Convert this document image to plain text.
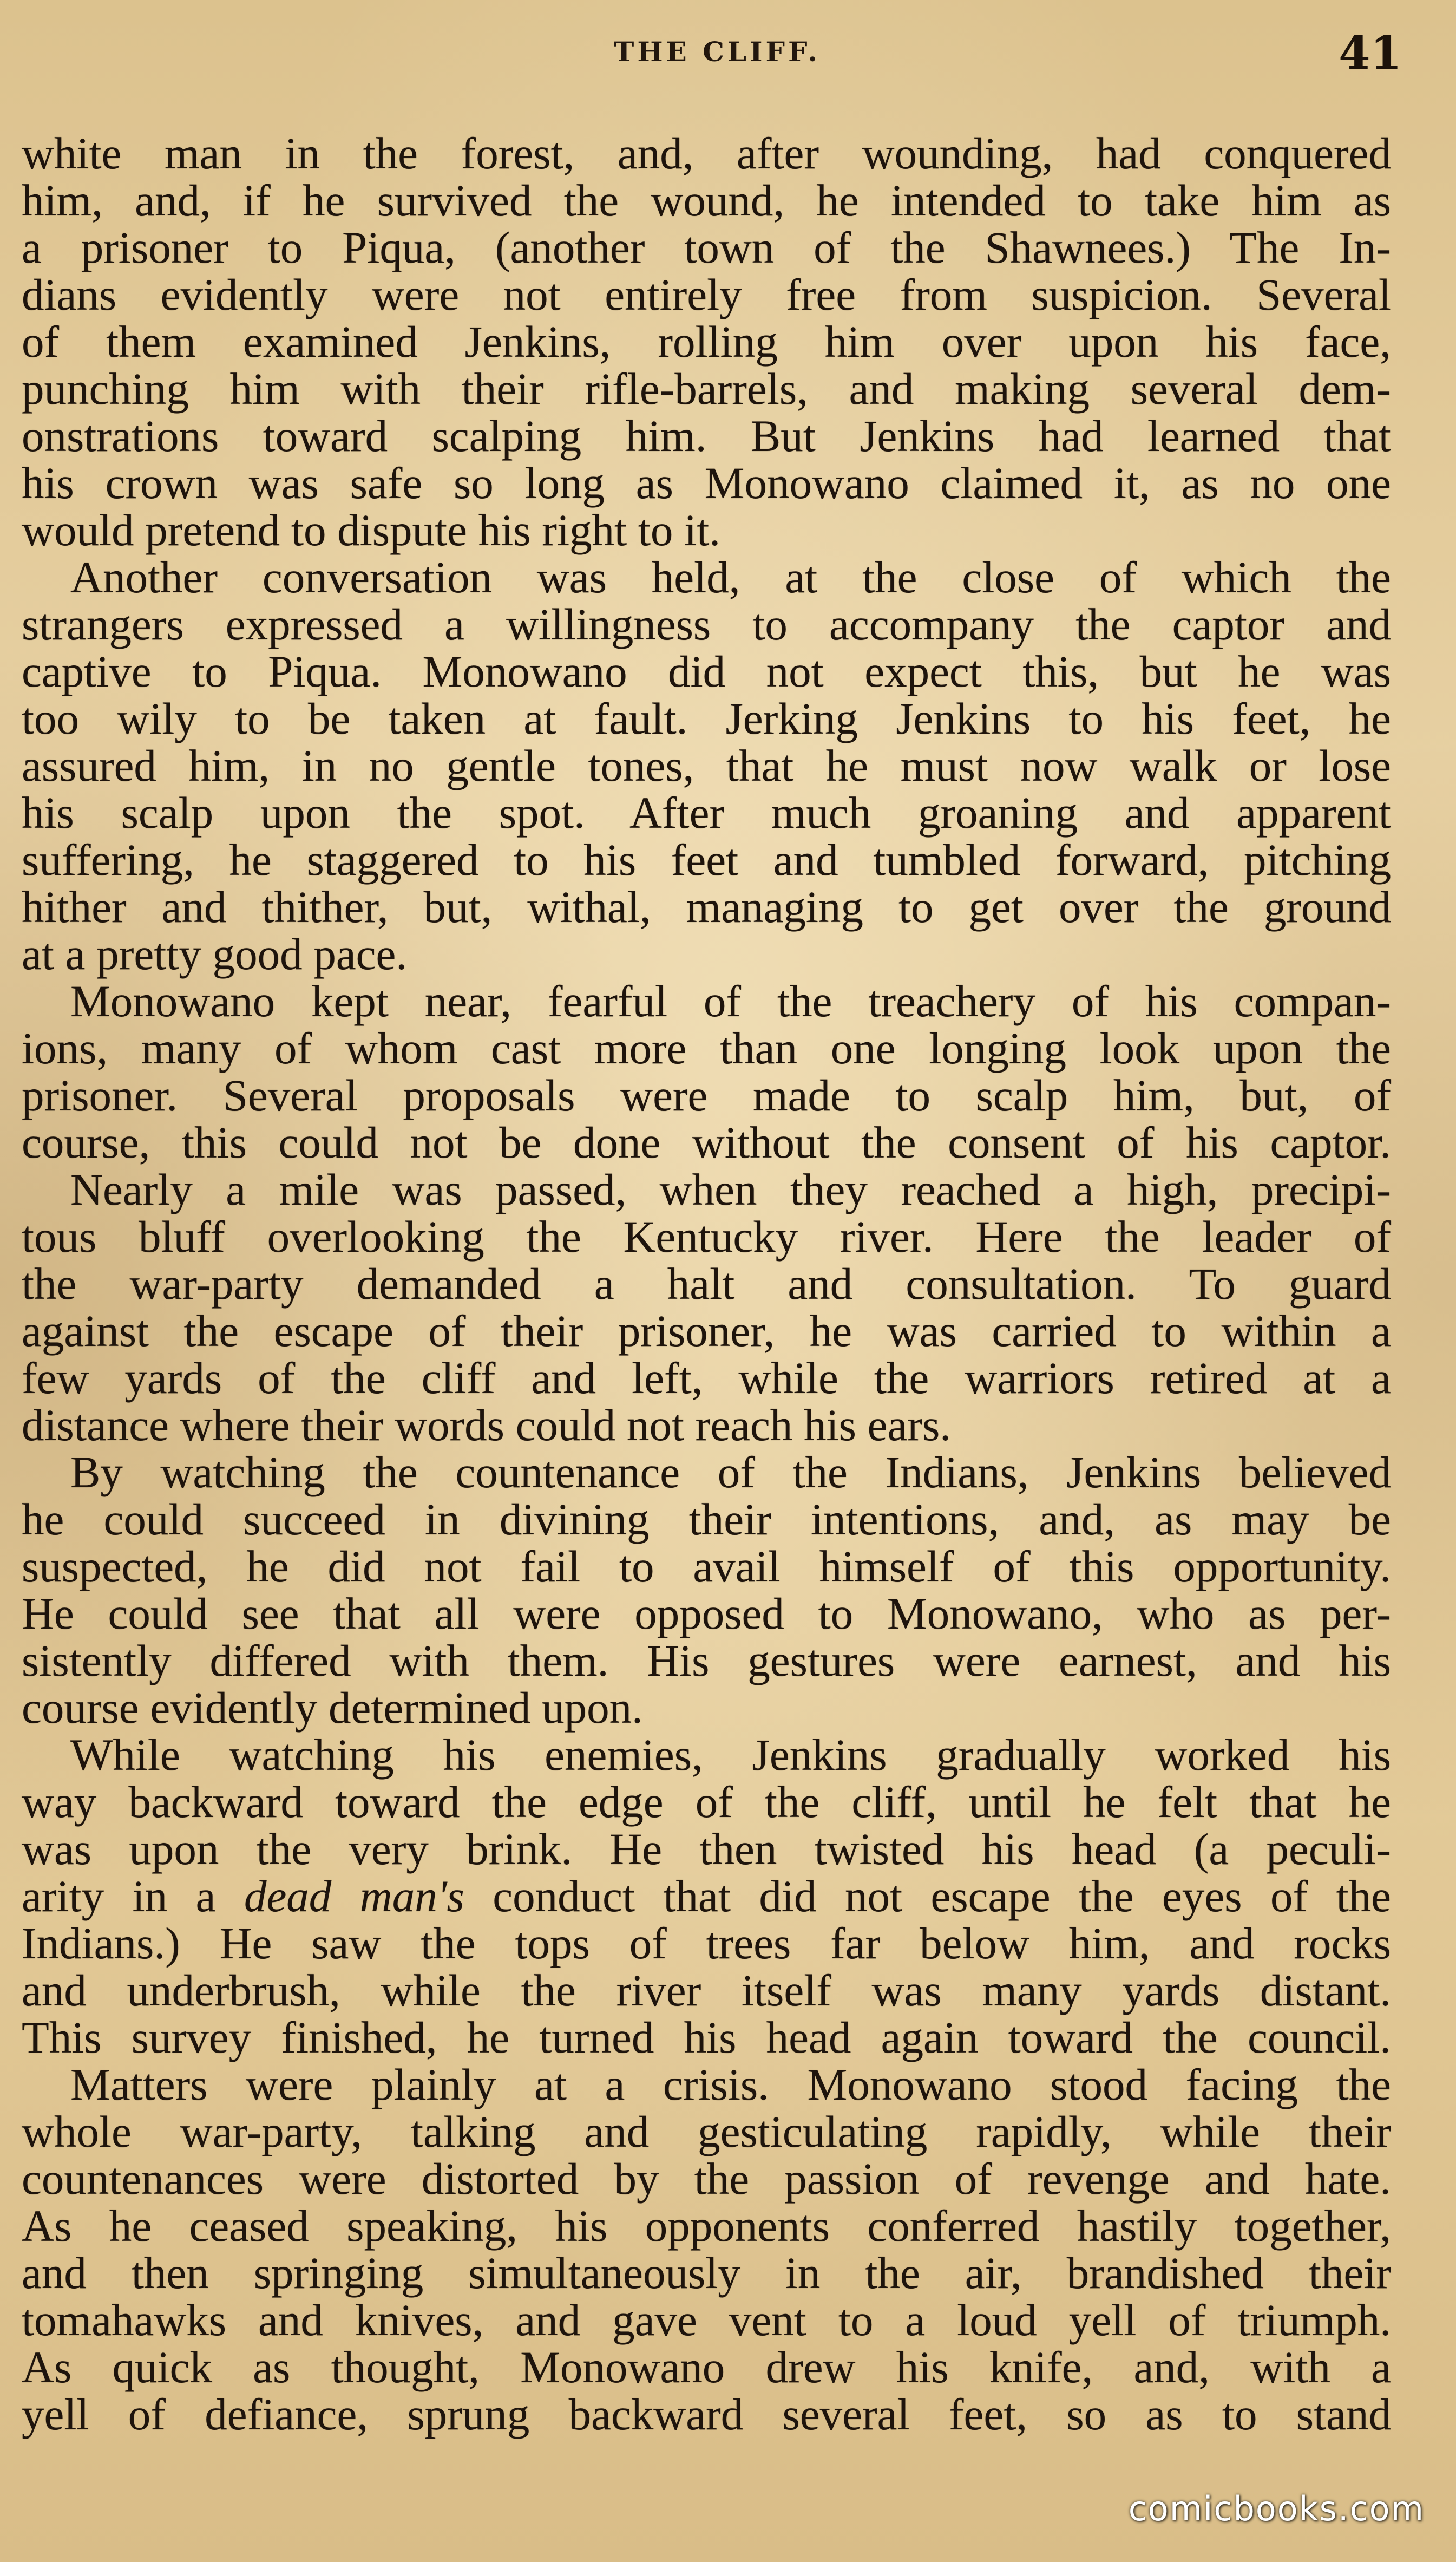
THE CLIFF.	41
white man in the forest, and, after wounding, had conquered
him, and, if he survived the wound, he intended to take him as
a prisoner to Piqua, (another town of the Shawnees.) The In-
dians evidently were not entirely free from suspicion. Several
of them examined Jenkins, rolling him over upon his face,
punching him with their rifle-barrels, and making several dem-
onstrations toward scalping him. But Jenkins had learned that
his crown was safe so long as Monowano claimed it, as no one
would pretend to dispute his right to it.
Another conversation was held, at the close of which the
strangers expressed a willingness to accompany the captor and
captive to Piqua. Monowano did not expect this, but he was
too wily to be taken at fault. Jerking Jenkins to his feet, he
assured him, in no gentle tones, that he must now walk or lose
his scalp upon the spot. After much groaning and apparent
suffering, he staggered to his feet and tumbled forward, pitching
hither and thither, but, withal, managing to get over the ground
at a pretty good pace.
Monowano kept near, fearful of the treachery of his compan-
ions, many of whom cast more than one longing look upon the
prisoner. Several proposals were made to scalp him, but, of
course, this could not be done without the consent of his captor.
Nearly a mile was passed, when they reached a high, precipi-
tous bluff overlooking the Kentucky river. Here the leader of
the war-party demanded a halt and consultation. To guard
against the escape of their prisoner, he was carried to within a
few yards of the cliff and left, while the warriors retired at a
distance where their words could not reach his ears.
By watching the countenance of the Indians, Jenkins believed
he could succeed in divining their intentions, and, as may be
suspected, he did not fail to avail himself of this opportunity.
He could see that all were opposed to Monowano, who as per-
sistently differed with them. His gestures were earnest, and his
course evidently determined upon.
While watching his enemies, Jenkins gradually worked his
way backward toward the edge of the cliff, until he felt that he
was upon the very brink. He then twisted his head (a peculi-
arity in a dead man's conduct that did not escape the eyes of the
Indians.) He saw the tops of trees far below him, and rocks
and underbrush, while the river itself was many yards distant.
This survey finished, he turned his head again toward the council.
Matters were plainly at a crisis. Monowano stood facing the
whole war-party, talking and gesticulating rapidly, while their
countenances were distorted by the passion of revenge and hate.
As he ceased speaking, his opponents conferred hastily together,
and then springing simultaneously in the air, brandished their
tomahawks and knives, and gave vent to a loud yell of triumph.
As quick as thought, Monowano drew his knife, and, with a
yell of defiance, sprung backward several feet, so as to stand
comicbooks.com
